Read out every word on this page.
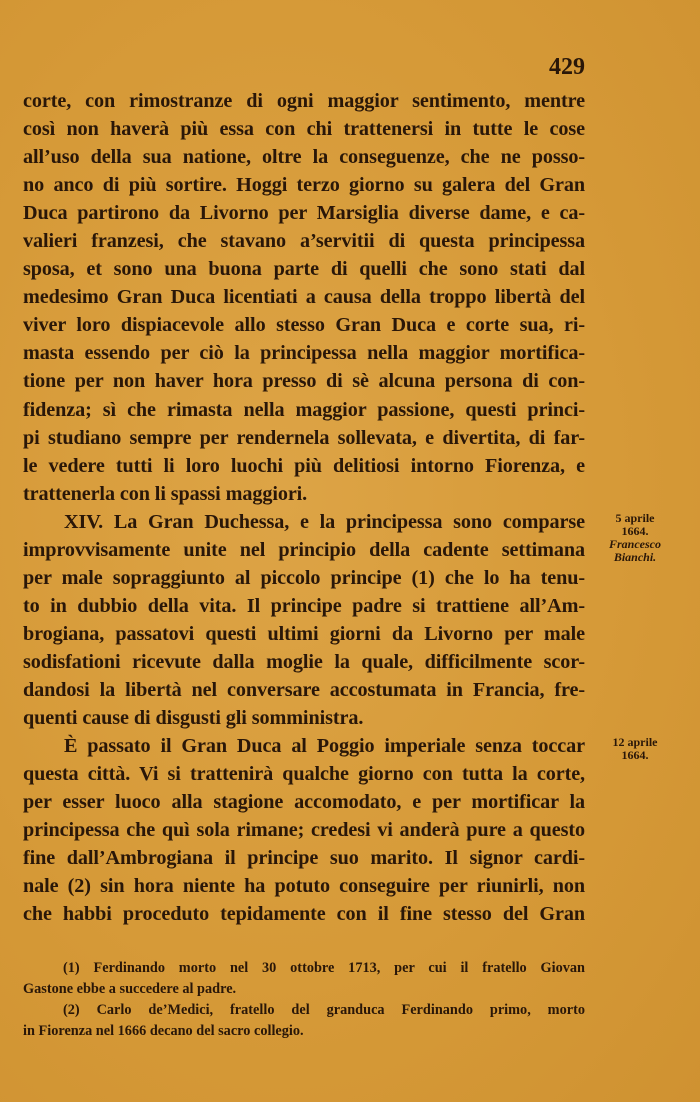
429
corte, con rimostranze di ogni maggior sentimento, mentre
così non haverà più essa con chi trattenersi in tutte le cose
all’uso della sua natione, oltre la conseguenze, che ne posso-
no anco di più sortire. Hoggi terzo giorno su galera del Gran
Duca partirono da Livorno per Marsiglia diverse dame, e ca-
valieri franzesi, che stavano a’servitii di questa principessa
sposa, et sono una buona parte di quelli che sono stati dal
medesimo Gran Duca licentiati a causa della troppo libertà del
viver loro dispiacevole allo stesso Gran Duca e corte sua, ri-
masta essendo per ciò la principessa nella maggior mortifica-
tione per non haver hora presso di sè alcuna persona di con-
fidenza; sì che rimasta nella maggior passione, questi princi-
pi studiano sempre per rendernela sollevata, e divertita, di far-
le vedere tutti li loro luochi più delitiosi intorno Fiorenza, e
trattenerla con li spassi maggiori.
XIV. La Gran Duchessa, e la principessa sono comparse
improvvisamente unite nel principio della cadente settimana
per male sopraggiunto al piccolo principe (1) che lo ha tenu-
to in dubbio della vita. Il principe padre si trattiene all’Am-
brogiana, passatovi questi ultimi giorni da Livorno per male
sodisfationi ricevute dalla moglie la quale, difficilmente scor-
dandosi la libertà nel conversare accostumata in Francia, fre-
quenti cause di disgusti gli somministra.
È passato il Gran Duca al Poggio imperiale senza toccar
questa città. Vi si trattenirà qualche giorno con tutta la corte,
per esser luoco alla stagione accomodato, e per mortificar la
principessa che quì sola rimane; credesi vi anderà pure a questo
fine dall’Ambrogiana il principe suo marito. Il signor cardi-
nale (2) sin hora niente ha potuto conseguire per riunirli, non
che habbi proceduto tepidamente con il fine stesso del Gran
5 aprile
1664.
Francesco Bianchi.
12 aprile
1664.
(1) Ferdinando morto nel 30 ottobre 1713, per cui il fratello Giovan
Gastone ebbe a succedere al padre.
(2) Carlo de’Medici, fratello del granduca Ferdinando primo, morto
in Fiorenza nel 1666 decano del sacro collegio.
